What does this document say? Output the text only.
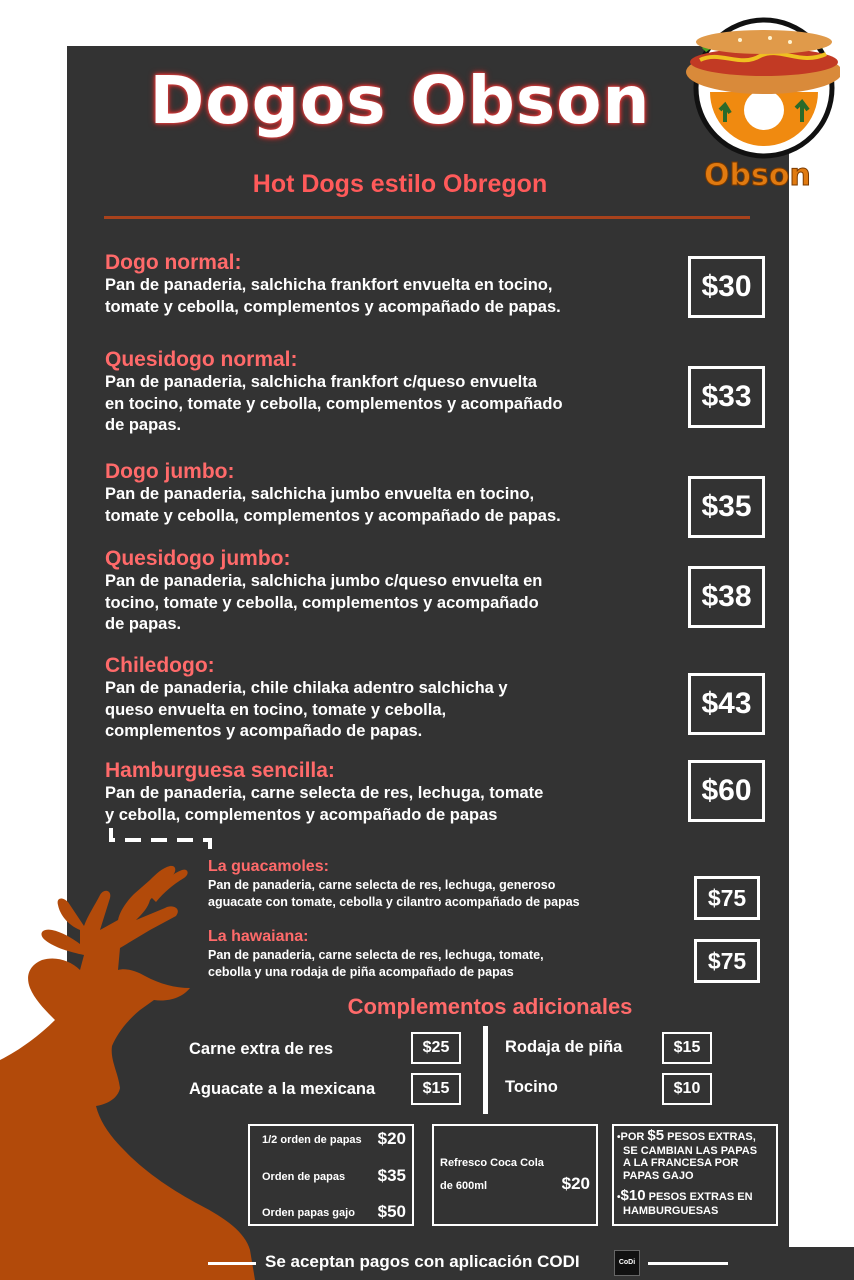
Obson
Dogos Obson
Hot Dogs estilo Obregon
Dogo normal:
Pan de panaderia, salchicha frankfort envuelta en tocino,
tomate y cebolla, complementos y acompañado de papas.
$30
Quesidogo normal:
Pan de panaderia, salchicha frankfort c/queso envuelta
en tocino, tomate y cebolla, complementos y acompañado
de papas.
$33
Dogo jumbo:
Pan de panaderia, salchicha jumbo envuelta en tocino,
tomate y cebolla, complementos y acompañado de papas.	$35
Quesidogo jumbo:
Pan de panaderia, salchicha jumbo c/queso envuelta en
tocino, tomate y cebolla, complementos y acompañado
de papas.
$38
Chiledogo:
Pan de panaderia, chile chilaka adentro salchicha y
queso envuelta en tocino, tomate y cebolla,
complementos y acompañado de papas.
$43
Hamburguesa sencilla:
Pan de panaderia, carne selecta de res, lechuga, tomate
y cebolla, complementos y acompañado de papas
$60
La guacamoles:
Pan de panaderia, carne selecta de res, lechuga, generoso
aguacate con tomate, cebolla y cilantro acompañado de papas	$75
La hawaiana:
Pan de panaderia, carne selecta de res, lechuga, tomate,
cebolla y una rodaja de piña acompañado de papas	$75
Complementos adicionales
Carne extra de res	$25
Aguacate a la mexicana	$15
Rodaja de piña	$15
Tocino	$10
1/2 orden de papas $20
Orden de papas $35
Orden papas gajo $50
Refresco Coca Cola
de 600ml	$20
•POR $5 PESOS EXTRAS,

SE CAMBIAN LAS PAPAS
A LA FRANCESA POR
PAPAS GAJO
•$10 PESOS EXTRAS EN
HAMBURGUESAS
Se aceptan pagos con aplicación CODI	CoDi
